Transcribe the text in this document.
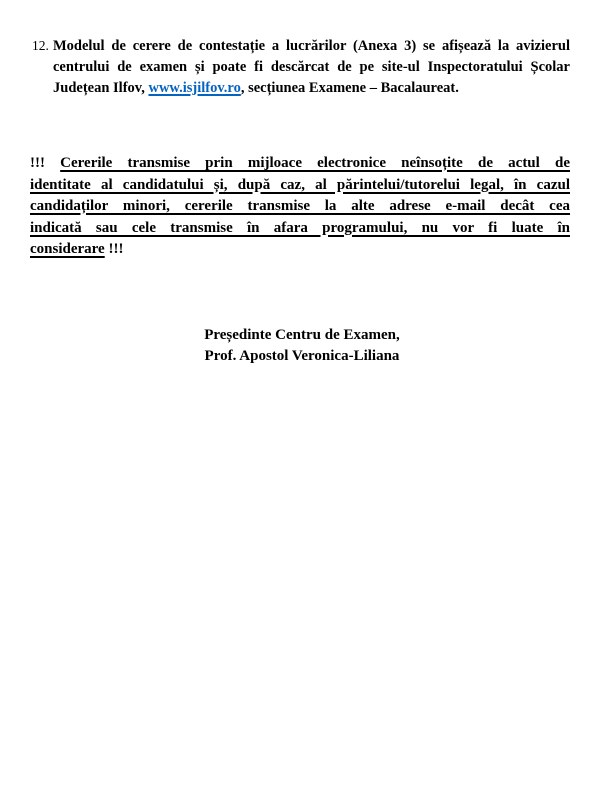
12. Modelul de cerere de contestație a lucrărilor (Anexa 3) se afișează la avizierul
centrului de examen și poate fi descărcat de pe site-ul Inspectoratului Școlar
Județean Ilfov, www.isjilfov.ro, secțiunea Examene – Bacalaureat.
!!! Cererile transmise prin mijloace electronice neînsoțite de actul de
identitate al candidatului și, după caz, al părintelui/tutorelui legal, în cazul
candidaților minori, cererile transmise la alte adrese e-mail decât cea
indicată sau cele transmise în afara programului, nu vor fi luate în
considerare !!!
Președinte Centru de Examen,
Prof. Apostol Veronica-Liliana
